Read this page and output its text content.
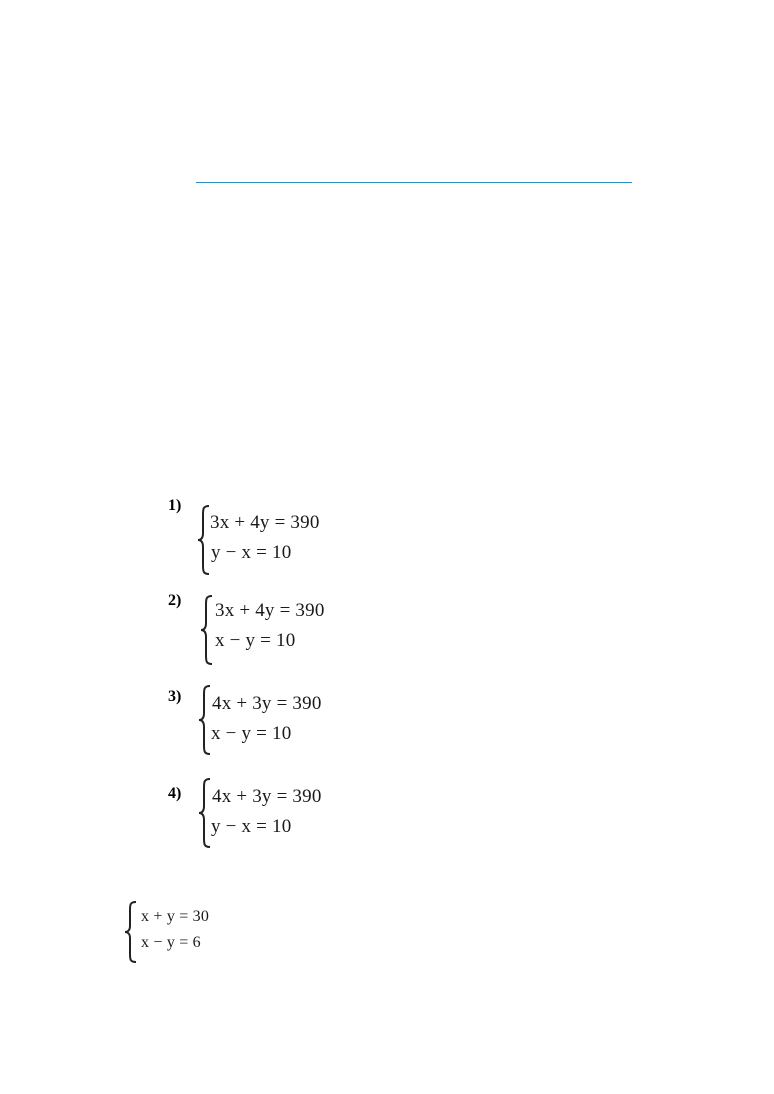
1)
3x + 4y = 390
y − x = 10
2) 3x + 4y = 390
x − y = 10
3) 4x + 3y = 390
x − y = 10
4) 4x + 3y = 390
y − x = 10
x + y = 30
x − y = 6
